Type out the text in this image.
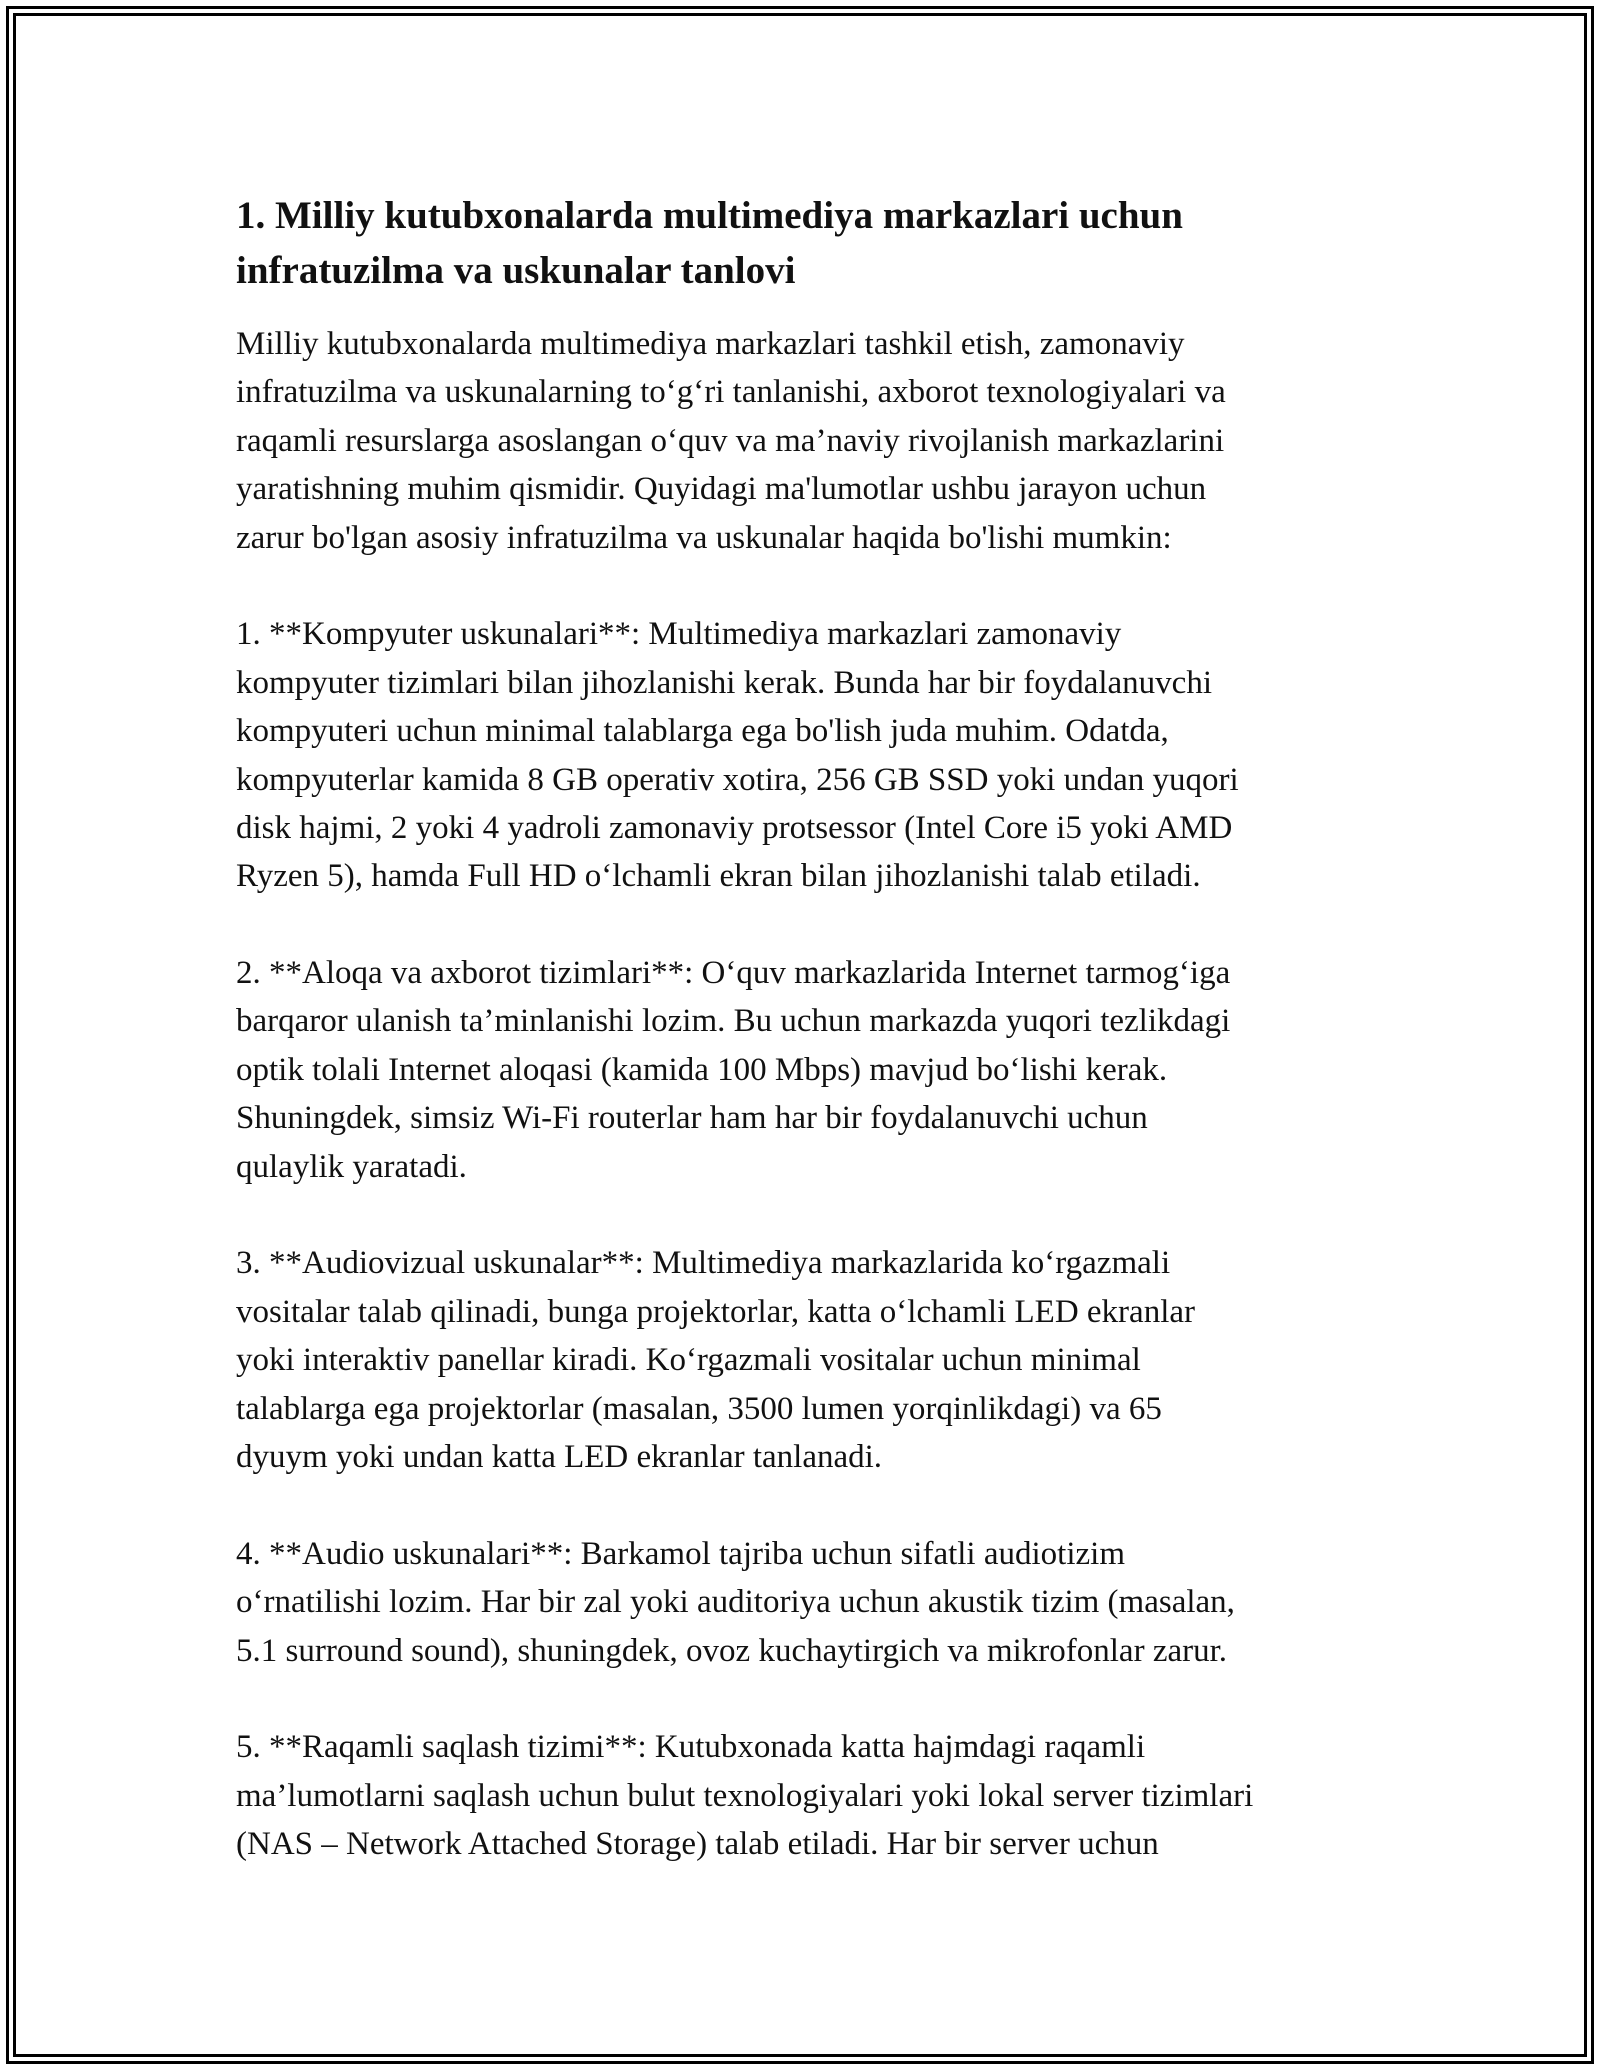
1. Milliy kutubxonalarda multimediya markazlari uchun
infratuzilma va uskunalar tanlovi
Milliy kutubxonalarda multimediya markazlari tashkil etish, zamonaviy
infratuzilma va uskunalarning to‘g‘ri tanlanishi, axborot texnologiyalari va
raqamli resurslarga asoslangan o‘quv va ma’naviy rivojlanish markazlarini
yaratishning muhim qismidir. Quyidagi ma'lumotlar ushbu jarayon uchun
zarur bo'lgan asosiy infratuzilma va uskunalar haqida bo'lishi mumkin:
1. **Kompyuter uskunalari**: Multimediya markazlari zamonaviy
kompyuter tizimlari bilan jihozlanishi kerak. Bunda har bir foydalanuvchi
kompyuteri uchun minimal talablarga ega bo'lish juda muhim. Odatda,
kompyuterlar kamida 8 GB operativ xotira, 256 GB SSD yoki undan yuqori
disk hajmi, 2 yoki 4 yadroli zamonaviy protsessor (Intel Core i5 yoki AMD
Ryzen 5), hamda Full HD o‘lchamli ekran bilan jihozlanishi talab etiladi.
2. **Aloqa va axborot tizimlari**: O‘quv markazlarida Internet tarmog‘iga
barqaror ulanish ta’minlanishi lozim. Bu uchun markazda yuqori tezlikdagi
optik tolali Internet aloqasi (kamida 100 Mbps) mavjud bo‘lishi kerak.
Shuningdek, simsiz Wi-Fi routerlar ham har bir foydalanuvchi uchun
qulaylik yaratadi.
3. **Audiovizual uskunalar**: Multimediya markazlarida ko‘rgazmali
vositalar talab qilinadi, bunga projektorlar, katta o‘lchamli LED ekranlar
yoki interaktiv panellar kiradi. Ko‘rgazmali vositalar uchun minimal
talablarga ega projektorlar (masalan, 3500 lumen yorqinlikdagi) va 65
dyuym yoki undan katta LED ekranlar tanlanadi.
4. **Audio uskunalari**: Barkamol tajriba uchun sifatli audiotizim
o‘rnatilishi lozim. Har bir zal yoki auditoriya uchun akustik tizim (masalan,
5.1 surround sound), shuningdek, ovoz kuchaytirgich va mikrofonlar zarur.
5. **Raqamli saqlash tizimi**: Kutubxonada katta hajmdagi raqamli
ma’lumotlarni saqlash uchun bulut texnologiyalari yoki lokal server tizimlari
(NAS – Network Attached Storage) talab etiladi. Har bir server uchun
